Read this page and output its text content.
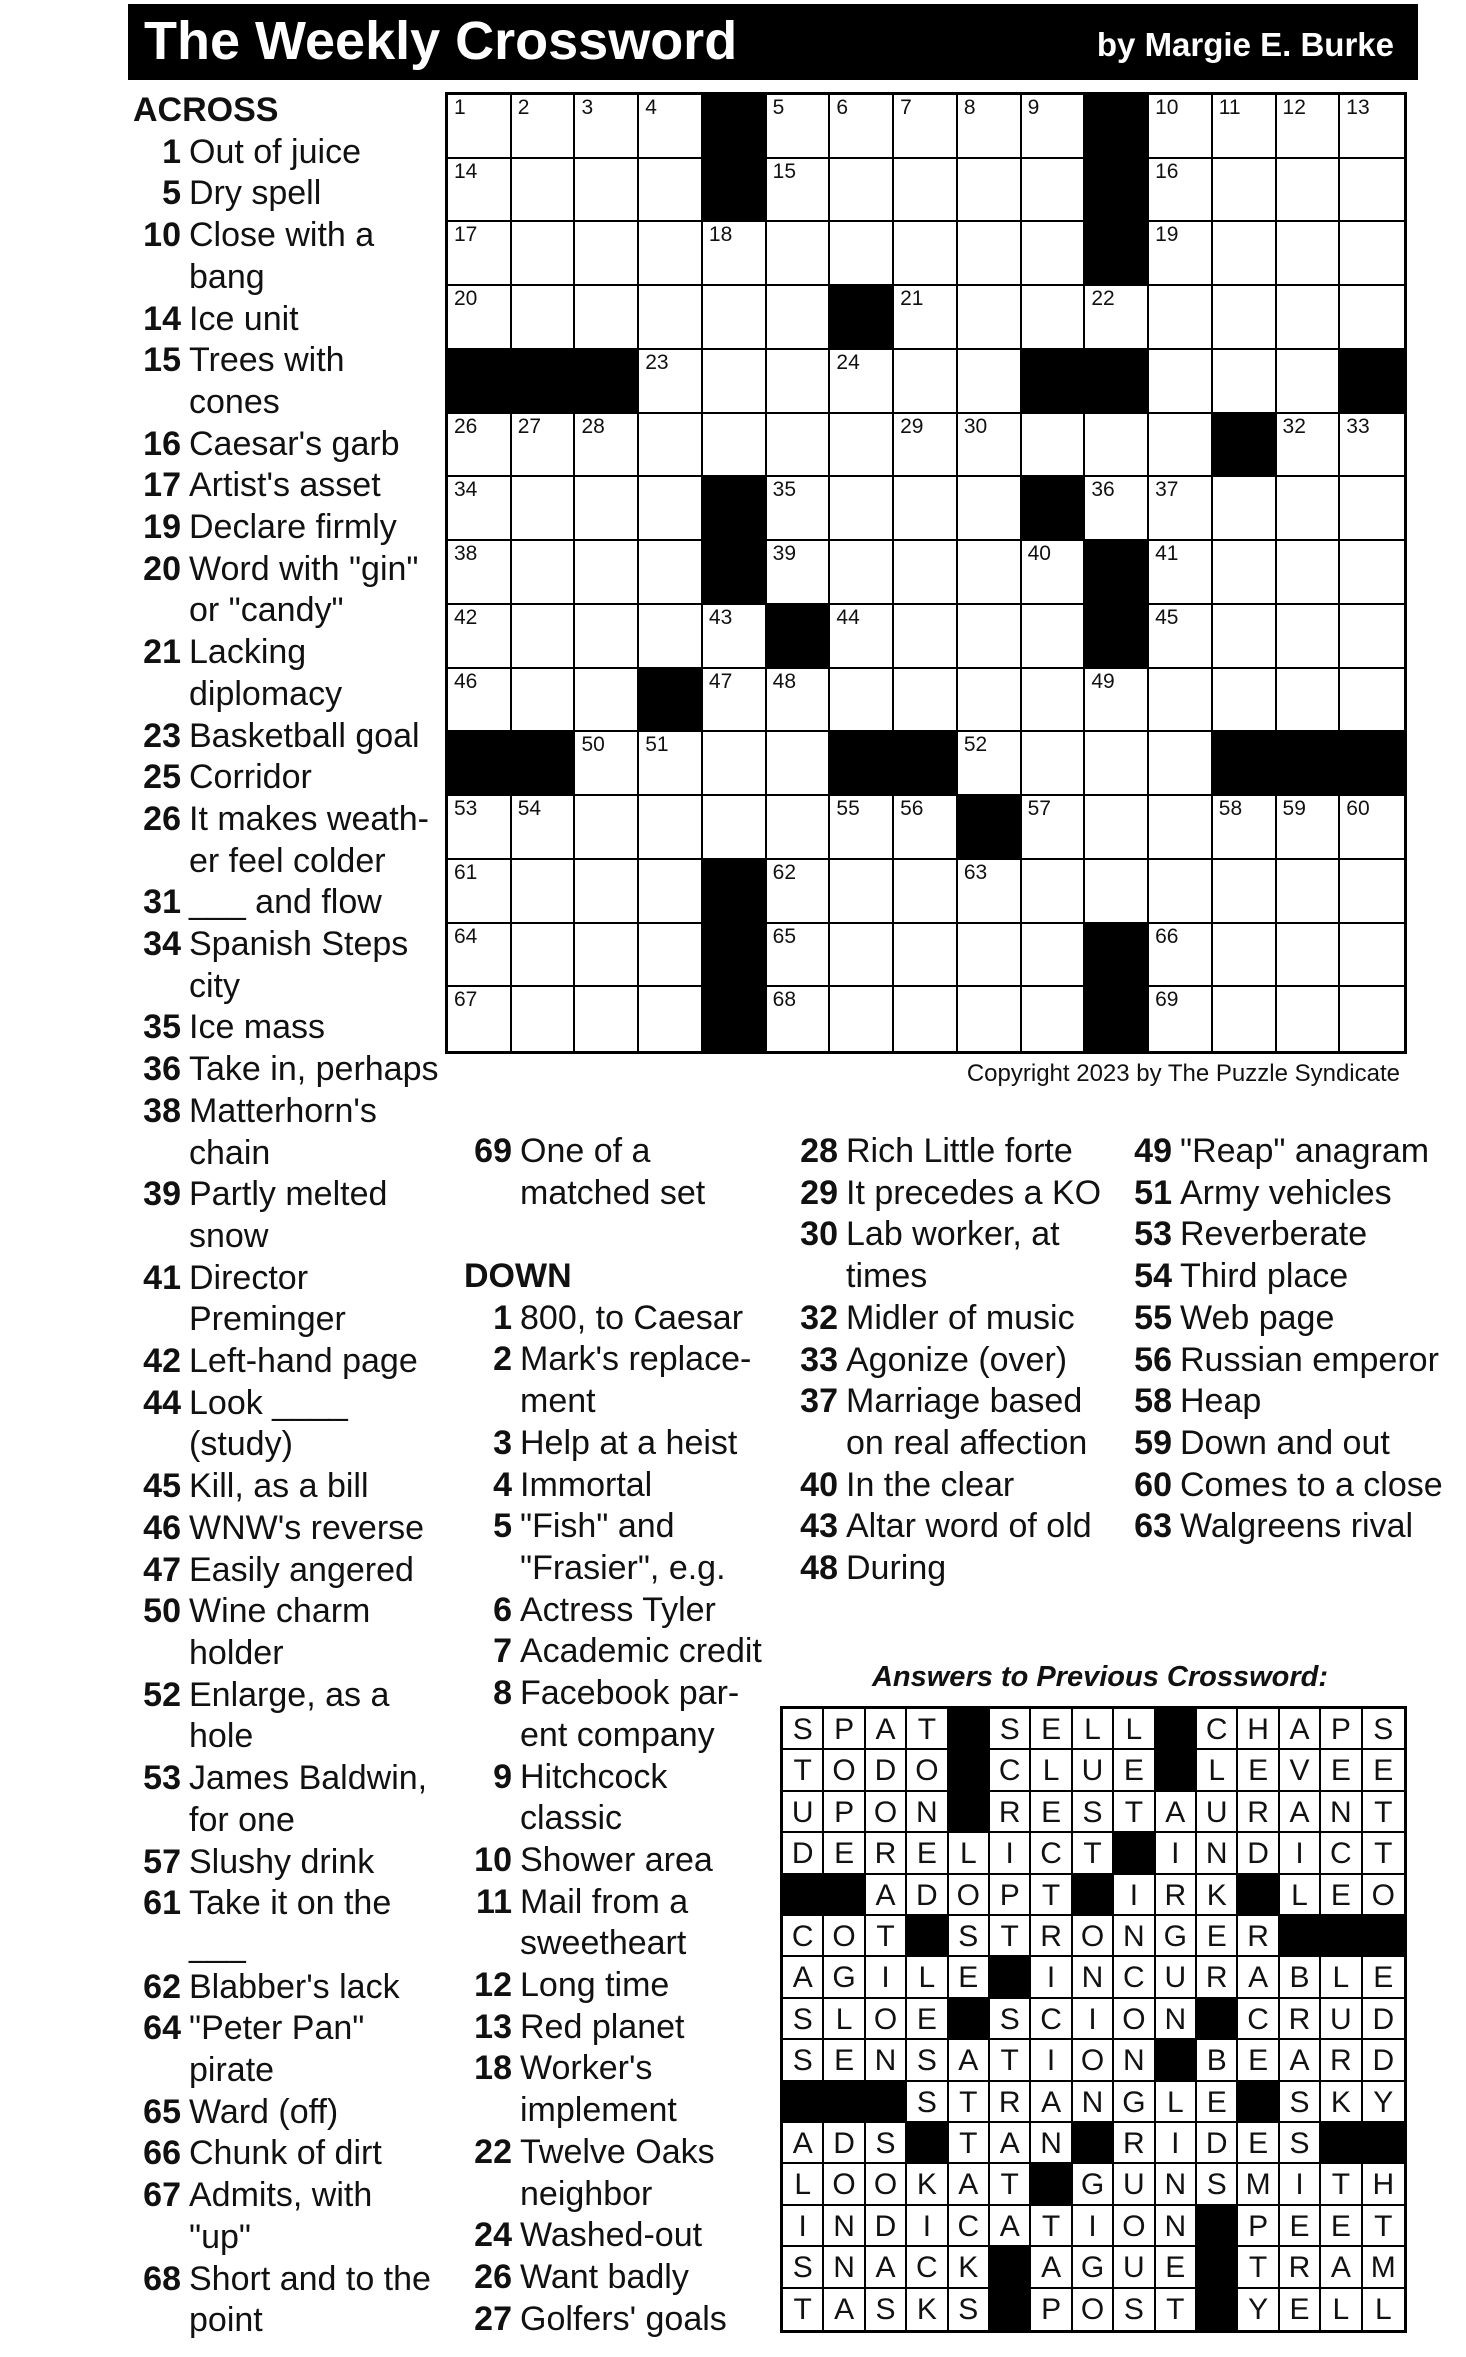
The Weekly Crossword	by Margie E. Burke
ACROSS
1 Out of juice
5 Dry spell
10 Close with a bang
14 Ice unit
15 Trees with cones
16 Caesar's garb
17 Artist's asset
19 Declare firmly
20 Word with "gin" or "candy"
21 Lacking diplomacy
23 Basketball goal
25 Corridor
26 It makes weath-er feel colder
31 ___ and flow
34 Spanish Steps city
35 Ice mass
36 Take in, perhaps
38 Matterhorn's chain
39 Partly melted snow
41 Director Preminger
42 Left-hand page
44 Look ____ (study)
45 Kill, as a bill
46 WNW's reverse
47 Easily angered
50 Wine charm holder
52 Enlarge, as a hole
53 James Baldwin, for one
57 Slushy drink
61 Take it on the ___
62 Blabber's lack
64 "Peter Pan" pirate
65 Ward (off)
66 Chunk of dirt
67 Admits, with "up"
68 Short and to the point
1 2 3 4	5 6 7 8 9	10 11 12 13
14	15	16
17	18	19
20	21	22
23	24
26 27 28	29 30	32 33
34	35	36 37
38	39	40	41
42	43	44	45
46	47 48	49
50 51	52
53 54	55 56	57	58 59 60
61	62	63
64	65	66
67	68	69
Copyright 2023 by The Puzzle Syndicate
69 One of a matched set
DOWN
1 800, to Caesar
2 Mark's replace-ment
3 Help at a heist
4 Immortal
5 "Fish" and "Frasier", e.g.
6 Actress Tyler
7 Academic credit
8 Facebook par-ent company
9 Hitchcock classic
10 Shower area
11 Mail from a sweetheart
12 Long time
13 Red planet
18 Worker's implement
22 Twelve Oaks neighbor
24 Washed-out
26 Want badly
27 Golfers' goals
28 Rich Little forte
29 It precedes a KO
30 Lab worker, at times
32 Midler of music
33 Agonize (over)
37 Marriage based on real affection
40 In the clear
43 Altar word of old
48 During
49 "Reap" anagram
51 Army vehicles
53 Reverberate
54 Third place
55 Web page
56 Russian emperor
58 Heap
59 Down and out
60 Comes to a close
63 Walgreens rival
Answers to Previous Crossword:
S P A T	S E L L	C H A P S
T O D O	C L U E	L E V E E
U P O N	R E S T A U R A N T
D E R E L I C T	I N D I C T
A D O P T	I R K	L E O
C O T	S T R O N G E R
A G I L E	I N C U R A B L E
S L O E	S C I O N	C R U D
S E N S A T I O N	B E A R D
S T R A N G L E	S K Y
A D S	T A N	R I D E S
L O O K A T	G U N S M I T H
I N D I C A T I O N	P E E T
S N A C K	A G U E	T R A M
T A S K S	P O S T	Y E L L
